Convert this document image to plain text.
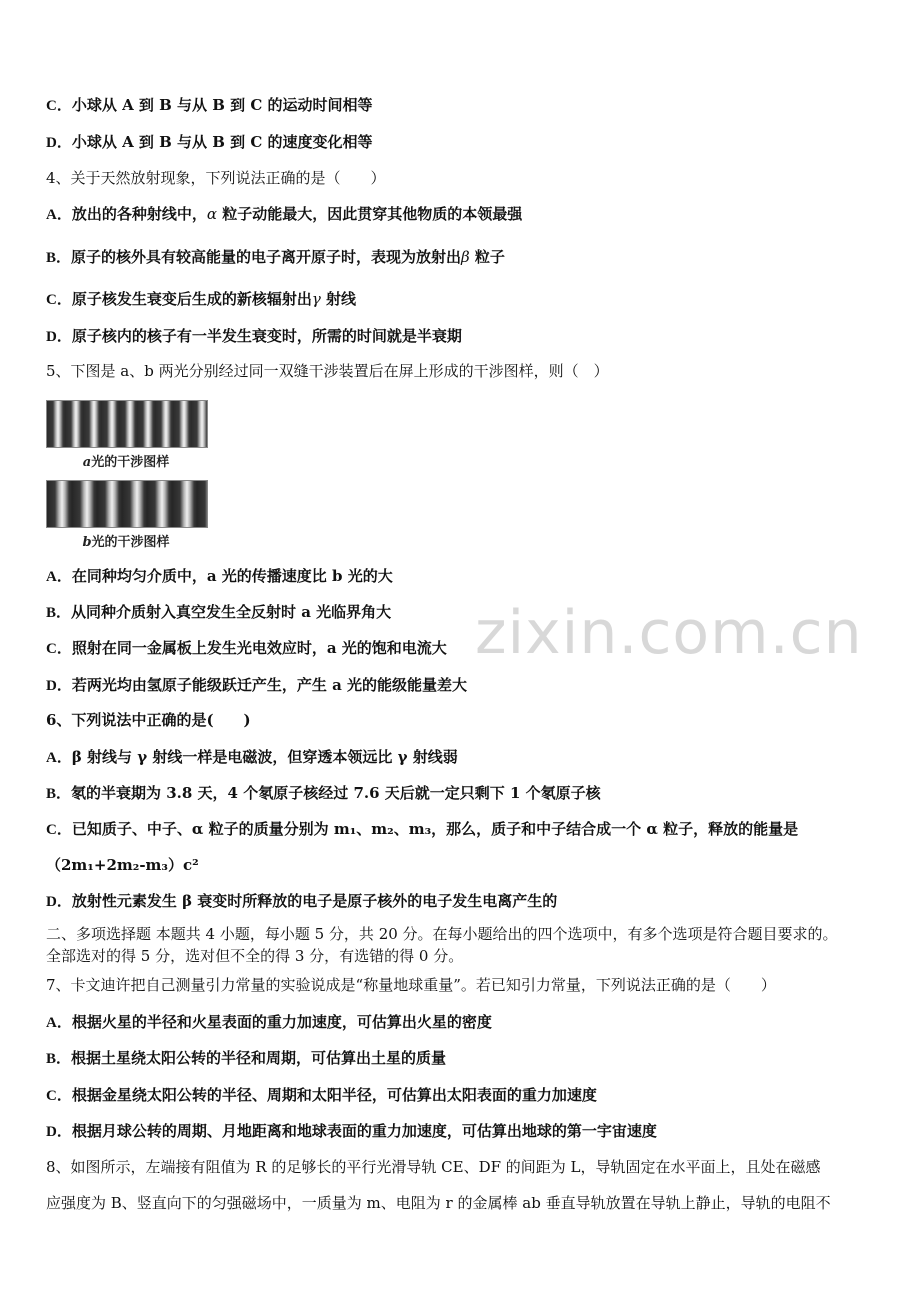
zixin.com.cn
C．小球从 A 到 B 与从 B 到 C 的运动时间相等
D．小球从 A 到 B 与从 B 到 C 的速度变化相等
4、关于天然放射现象，下列说法正确的是（　　）
A．放出的各种射线中，α 粒子动能最大，因此贯穿其他物质的本领最强
B．原子的核外具有较高能量的电子离开原子时，表现为放射出β 粒子
C．原子核发生衰变后生成的新核辐射出γ 射线
D．原子核内的核子有一半发生衰变时，所需的时间就是半衰期
5、下图是 a、b 两光分别经过同一双缝干涉装置后在屏上形成的干涉图样，则（　）
a光的干涉图样
b光的干涉图样
A．在同种均匀介质中，a 光的传播速度比 b 光的大
B．从同种介质射入真空发生全反射时 a 光临界角大
C．照射在同一金属板上发生光电效应时，a 光的饱和电流大
D．若两光均由氢原子能级跃迁产生，产生 a 光的能级能量差大
6、下列说法中正确的是(　　)
A．β 射线与 γ 射线一样是电磁波，但穿透本领远比 γ 射线弱
B．氡的半衰期为 3.8 天，4 个氡原子核经过 7.6 天后就一定只剩下 1 个氡原子核
C．已知质子、中子、α 粒子的质量分别为 m₁、m₂、m₃，那么，质子和中子结合成一个 α 粒子，释放的能量是
（2m₁+2m₂-m₃）c²
D．放射性元素发生 β 衰变时所释放的电子是原子核外的电子发生电离产生的
二、多项选择题 本题共 4 小题，每小题 5 分，共 20 分。在每小题给出的四个选项中，有多个选项是符合题目要求的。
全部选对的得 5 分，选对但不全的得 3 分，有选错的得 0 分。
7、卡文迪许把自己测量引力常量的实验说成是“称量地球重量”。若已知引力常量，下列说法正确的是（　　）
A．根据火星的半径和火星表面的重力加速度，可估算出火星的密度
B．根据土星绕太阳公转的半径和周期，可估算出土星的质量
C．根据金星绕太阳公转的半径、周期和太阳半径，可估算出太阳表面的重力加速度
D．根据月球公转的周期、月地距离和地球表面的重力加速度，可估算出地球的第一宇宙速度
8、如图所示，左端接有阻值为 R 的足够长的平行光滑导轨 CE、DF 的间距为 L，导轨固定在水平面上，且处在磁感
应强度为 B、竖直向下的匀强磁场中，一质量为 m、电阻为 r 的金属棒 ab 垂直导轨放置在导轨上静止，导轨的电阻不
